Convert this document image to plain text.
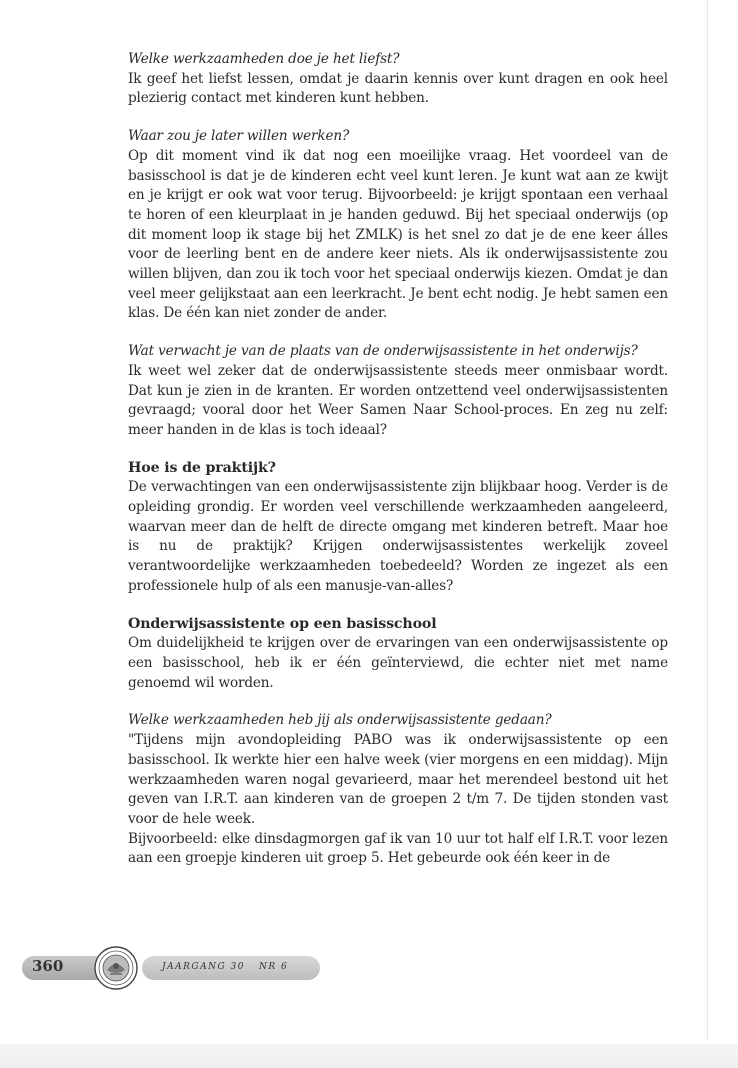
Welke werkzaamheden doe je het liefst?

Ik geef het liefst lessen, omdat je daarin kennis over kunt dragen en ook heel plezierig contact met kinderen kunt hebben.

Waar zou je later willen werken?

Op dit moment vind ik dat nog een moeilijke vraag. Het voordeel van de basisschool is dat je de kinderen echt veel kunt leren. Je kunt wat aan ze kwijt en je krijgt er ook wat voor terug. Bijvoorbeeld: je krijgt spontaan een verhaal te horen of een kleurplaat in je handen geduwd. Bij het speciaal onderwijs (op dit moment loop ik stage bij het ZMLK) is het snel zo dat je de ene keer álles voor de leerling bent en de andere keer niets. Als ik onderwijsassistente zou willen blijven, dan zou ik toch voor het speciaal onderwijs kiezen. Omdat je dan veel meer gelijkstaat aan een leerkracht. Je bent echt nodig. Je hebt samen een klas. De één kan niet zonder de ander.

Wat verwacht je van de plaats van de onderwijsassistente in het onderwijs?

Ik weet wel zeker dat de onderwijsassistente steeds meer onmisbaar wordt. Dat kun je zien in de kranten. Er worden ontzettend veel onderwijsassistenten gevraagd; vooral door het Weer Samen Naar School-proces. En zeg nu zelf: meer handen in de klas is toch ideaal?

Hoe is de praktijk?

De verwachtingen van een onderwijsassistente zijn blijkbaar hoog. Verder is de opleiding grondig. Er worden veel verschillende werkzaamheden aangeleerd, waarvan meer dan de helft de directe omgang met kinderen betreft. Maar hoe is nu de praktijk? Krijgen onderwijsassistentes werkelijk zoveel verantwoordelijke werkzaamheden toebedeeld? Worden ze ingezet als een professionele hulp of als een manusje-van-alles?

Onderwijsassistente op een basisschool

Om duidelijkheid te krijgen over de ervaringen van een onderwijsassistente op een basisschool, heb ik er één geïnterviewd, die echter niet met name genoemd wil worden.

Welke werkzaamheden heb jij als onderwijsassistente gedaan?

"Tijdens mijn avondopleiding PABO was ik onderwijsassistente op een basisschool. Ik werkte hier een halve week (vier morgens en een middag). Mijn werkzaamheden waren nogal gevarieerd, maar het merendeel bestond uit het geven van I.R.T. aan kinderen van de groepen 2 t/m 7. De tijden stonden vast voor de hele week.

Bijvoorbeeld: elke dinsdagmorgen gaf ik van 10 uur tot half elf I.R.T. voor lezen aan een groepje kinderen uit groep 5. Het gebeurde ook één keer in de

360	JAARGANG 30 NR 6
